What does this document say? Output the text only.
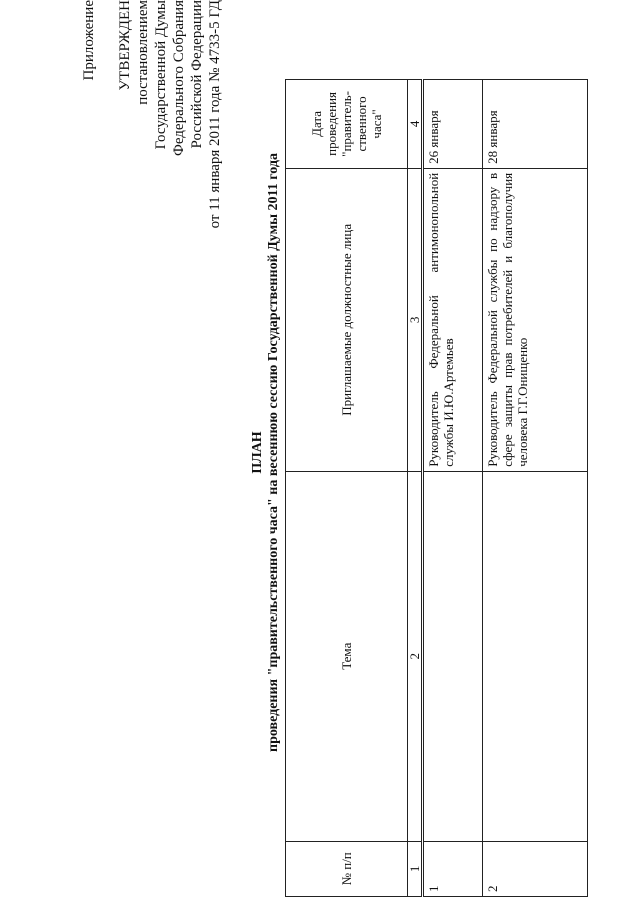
Приложение УТВЕРЖДЕН постановлением Государственной Думы Федерального Собрания Российской Федерации от 11 января 2011 года № 4733-5 ГД
ПЛАН проведения "правительственного часа" на весеннюю сессию Государственной Думы 2011 года
№ п/п	Тема	Приглашаемые должностные лица	Дата проведения "правитель-ственного часа"
1	2	3	4
1		Руководитель Федеральной антимонопольной службы И.Ю.Артемьев	26 января
2		Руководитель Федеральной службы по надзору в сфере защиты прав потребителей и благополучия человека Г.Г.Онищенко	28 января
